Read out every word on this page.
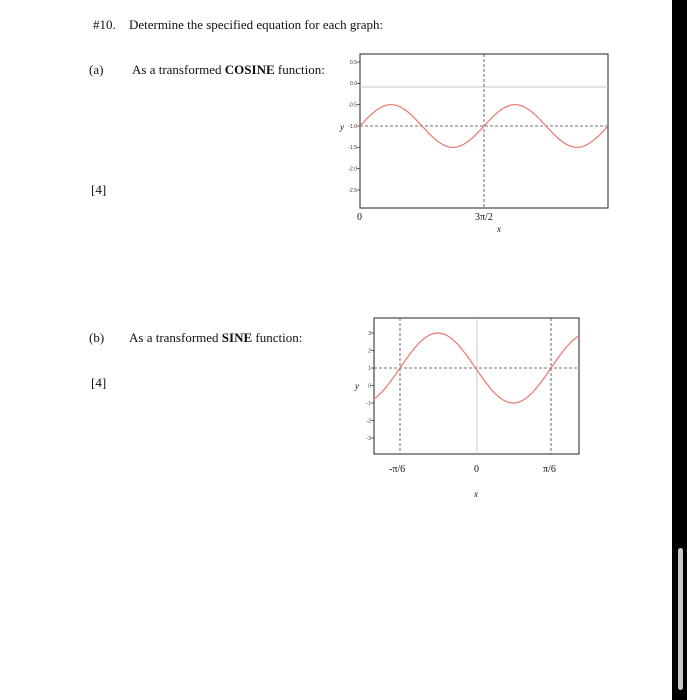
#10. Determine the specified equation for each graph:
(a) As a transformed COSINE function:
[4]
0.5
0.0
-0.5
-1.0
-1.5
-2.0
-2.5
y
0	3π/2
x
(b) As a transformed SINE function:
[4]
3
2
1
0
-1
-2
-3
y
-π/6	0	π/6
x
